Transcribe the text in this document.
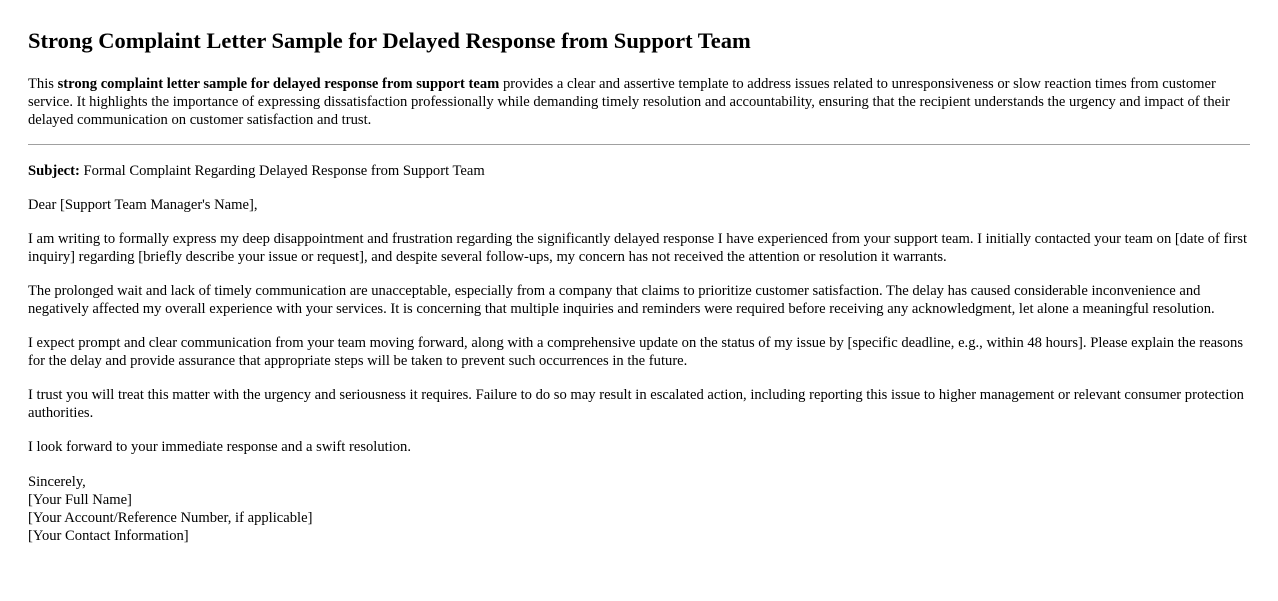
Strong Complaint Letter Sample for Delayed Response from Support Team

This strong complaint letter sample for delayed response from support team provides a clear and assertive template to address issues related to unresponsiveness or slow reaction times from customer service. It highlights the importance of expressing dissatisfaction professionally while demanding timely resolution and accountability, ensuring that the recipient understands the urgency and impact of their delayed communication on customer satisfaction and trust.

Subject: Formal Complaint Regarding Delayed Response from Support Team

Dear [Support Team Manager's Name],

I am writing to formally express my deep disappointment and frustration regarding the significantly delayed response I have experienced from your support team. I initially contacted your team on [date of first inquiry] regarding [briefly describe your issue or request], and despite several follow-ups, my concern has not received the attention or resolution it warrants.

The prolonged wait and lack of timely communication are unacceptable, especially from a company that claims to prioritize customer satisfaction. The delay has caused considerable inconvenience and negatively affected my overall experience with your services. It is concerning that multiple inquiries and reminders were required before receiving any acknowledgment, let alone a meaningful resolution.

I expect prompt and clear communication from your team moving forward, along with a comprehensive update on the status of my issue by [specific deadline, e.g., within 48 hours]. Please explain the reasons for the delay and provide assurance that appropriate steps will be taken to prevent such occurrences in the future.

I trust you will treat this matter with the urgency and seriousness it requires. Failure to do so may result in escalated action, including reporting this issue to higher management or relevant consumer protection authorities.

I look forward to your immediate response and a swift resolution.

Sincerely,
[Your Full Name]
[Your Account/Reference Number, if applicable]
[Your Contact Information]
